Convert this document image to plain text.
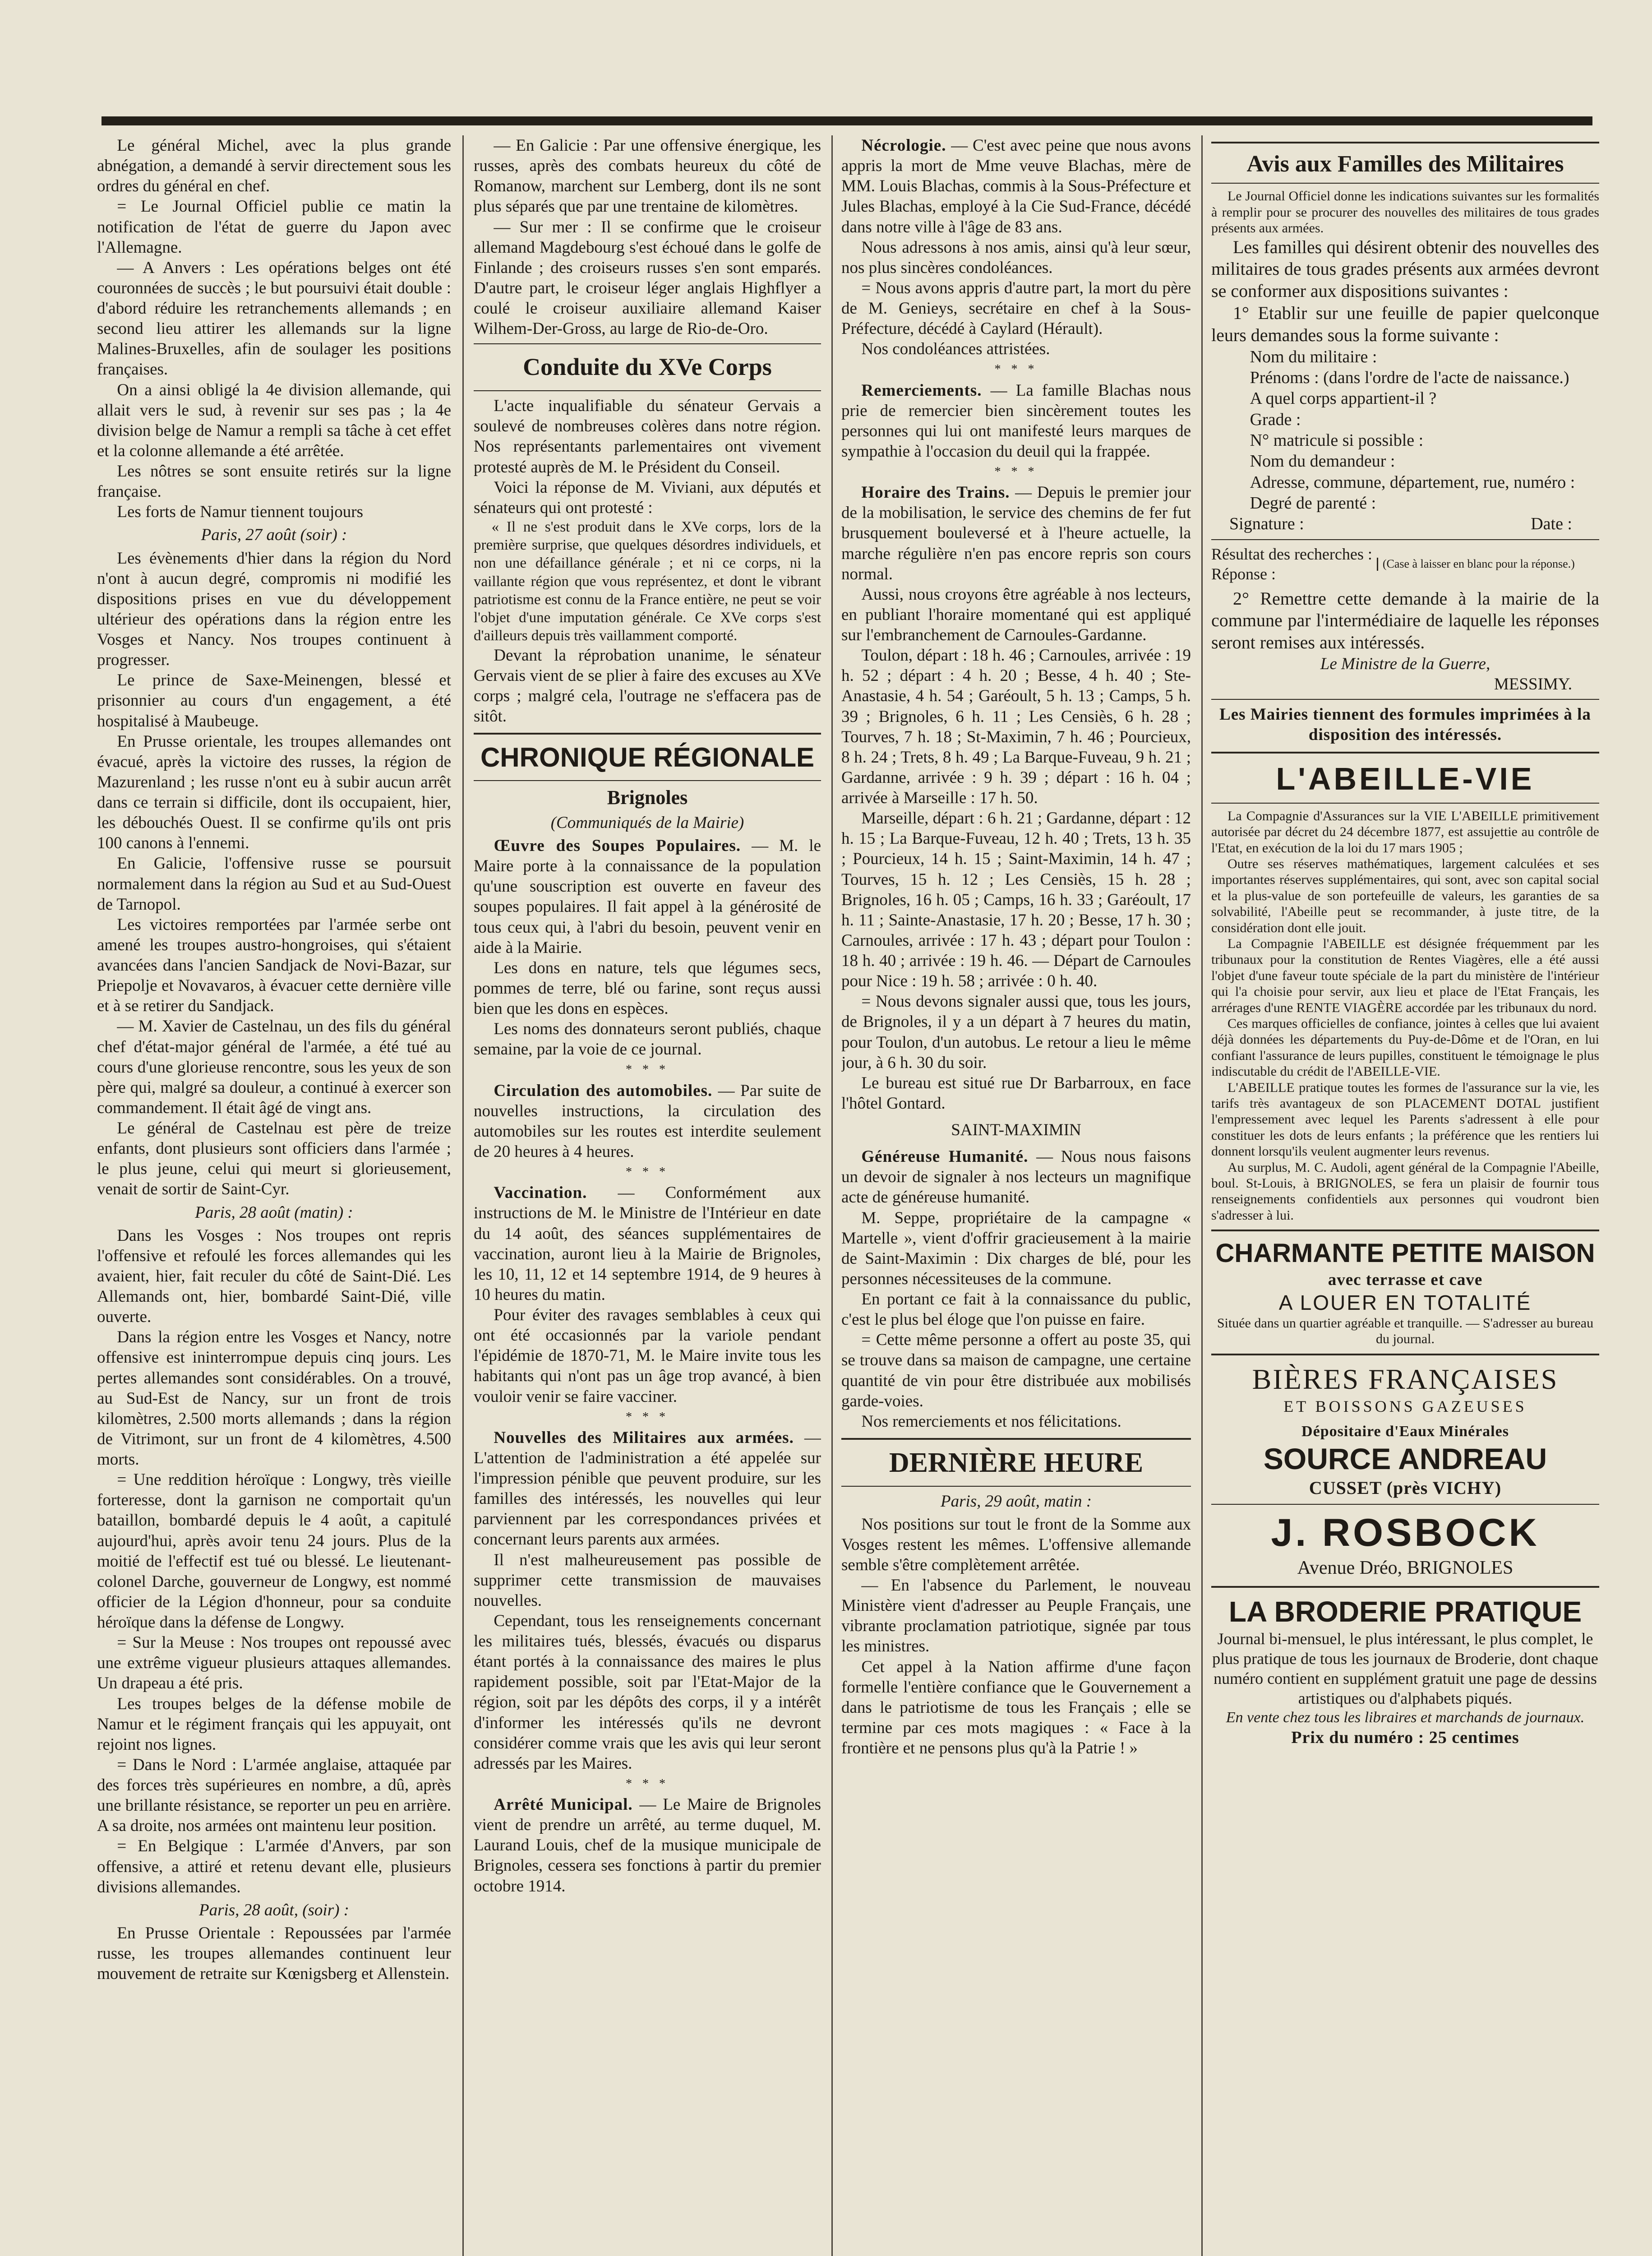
Le général Michel, avec la plus grande abnégation, a demandé à servir directement sous les ordres du général en chef.

= Le Journal Officiel publie ce matin la notification de l'état de guerre du Japon avec l'Allemagne.

— A Anvers : Les opérations belges ont été couronnées de succès ; le but poursuivi était double : d'abord réduire les retranchements allemands ; en second lieu attirer les allemands sur la ligne Malines-Bruxelles, afin de soulager les positions françaises.

On a ainsi obligé la 4e division allemande, qui allait vers le sud, à revenir sur ses pas ; la 4e division belge de Namur a rempli sa tâche à cet effet et la colonne allemande a été arrêtée.

Les nôtres se sont ensuite retirés sur la ligne française.

Les forts de Namur tiennent toujours

Paris, 27 août (soir) :

Les évènements d'hier dans la région du Nord n'ont à aucun degré, compromis ni modifié les dispositions prises en vue du développement ultérieur des opérations dans la région entre les Vosges et Nancy. Nos troupes continuent à progresser.

Le prince de Saxe-Meinengen, blessé et prisonnier au cours d'un engagement, a été hospitalisé à Maubeuge.

En Prusse orientale, les troupes allemandes ont évacué, après la victoire des russes, la région de Mazurenland ; les russe n'ont eu à subir aucun arrêt dans ce terrain si difficile, dont ils occupaient, hier, les débouchés Ouest. Il se confirme qu'ils ont pris 100 canons à l'ennemi.

En Galicie, l'offensive russe se poursuit normalement dans la région au Sud et au Sud-Ouest de Tarnopol.

Les victoires remportées par l'armée serbe ont amené les troupes austro-hongroises, qui s'étaient avancées dans l'ancien Sandjack de Novi-Bazar, sur Priepolje et Novavaros, à évacuer cette dernière ville et à se retirer du Sandjack.

— M. Xavier de Castelnau, un des fils du général chef d'état-major général de l'armée, a été tué au cours d'une glorieuse rencontre, sous les yeux de son père qui, malgré sa douleur, a continué à exercer son commandement. Il était âgé de vingt ans.

Le général de Castelnau est père de treize enfants, dont plusieurs sont officiers dans l'armée ; le plus jeune, celui qui meurt si glorieusement, venait de sortir de Saint-Cyr.

Paris, 28 août (matin) :

Dans les Vosges : Nos troupes ont repris l'offensive et refoulé les forces allemandes qui les avaient, hier, fait reculer du côté de Saint-Dié. Les Allemands ont, hier, bombardé Saint-Dié, ville ouverte.

Dans la région entre les Vosges et Nancy, notre offensive est ininterrompue depuis cinq jours. Les pertes allemandes sont considérables. On a trouvé, au Sud-Est de Nancy, sur un front de trois kilomètres, 2.500 morts allemands ; dans la région de Vitrimont, sur un front de 4 kilomètres, 4.500 morts.

= Une reddition héroïque : Longwy, très vieille forteresse, dont la garnison ne comportait qu'un bataillon, bombardé depuis le 4 août, a capitulé aujourd'hui, après avoir tenu 24 jours. Plus de la moitié de l'effectif est tué ou blessé. Le lieutenant-colonel Darche, gouverneur de Longwy, est nommé officier de la Légion d'honneur, pour sa conduite héroïque dans la défense de Longwy.

= Sur la Meuse : Nos troupes ont repoussé avec une extrême vigueur plusieurs attaques allemandes. Un drapeau a été pris.

Les troupes belges de la défense mobile de Namur et le régiment français qui les appuyait, ont rejoint nos lignes.

= Dans le Nord : L'armée anglaise, attaquée par des forces très supérieures en nombre, a dû, après une brillante résistance, se reporter un peu en arrière. A sa droite, nos armées ont maintenu leur position.

= En Belgique : L'armée d'Anvers, par son offensive, a attiré et retenu devant elle, plusieurs divisions allemandes.

Paris, 28 août, (soir) :

En Prusse Orientale : Repoussées par l'armée russe, les troupes allemandes continuent leur mouvement de retraite sur Kœnigsberg et Allenstein.

— En Galicie : Par une offensive énergique, les russes, après des combats heureux du côté de Romanow, marchent sur Lemberg, dont ils ne sont plus séparés que par une trentaine de kilomètres.

— Sur mer : Il se confirme que le croiseur allemand Magdebourg s'est échoué dans le golfe de Finlande ; des croiseurs russes s'en sont emparés. D'autre part, le croiseur léger anglais Highflyer a coulé le croiseur auxiliaire allemand Kaiser Wilhem-Der-Gross, au large de Rio-de-Oro.

Conduite du XVe Corps

L'acte inqualifiable du sénateur Gervais a soulevé de nombreuses colères dans notre région. Nos représentants parlementaires ont vivement protesté auprès de M. le Président du Conseil.

Voici la réponse de M. Viviani, aux députés et sénateurs qui ont protesté :

« Il ne s'est produit dans le XVe corps, lors de la première surprise, que quelques désordres individuels, et non une défaillance générale ; et ni ce corps, ni la vaillante région que vous représentez, et dont le vibrant patriotisme est connu de la France entière, ne peut se voir l'objet d'une imputation générale. Ce XVe corps s'est d'ailleurs depuis très vaillamment comporté.

Devant la réprobation unanime, le sénateur Gervais vient de se plier à faire des excuses au XVe corps ; malgré cela, l'outrage ne s'effacera pas de sitôt.

CHRONIQUE RÉGIONALE
Brignoles
(Communiqués de la Mairie)

Œuvre des Soupes Populaires. — M. le Maire porte à la connaissance de la population qu'une souscription est ouverte en faveur des soupes populaires. Il fait appel à la générosité de tous ceux qui, à l'abri du besoin, peuvent venir en aide à la Mairie.

Les dons en nature, tels que légumes secs, pommes de terre, blé ou farine, sont reçus aussi bien que les dons en espèces.

Les noms des donnateurs seront publiés, chaque semaine, par la voie de ce journal.

* * *

Circulation des automobiles. — Par suite de nouvelles instructions, la circulation des automobiles sur les routes est interdite seulement de 20 heures à 4 heures.

* * *

Vaccination. — Conformément aux instructions de M. le Ministre de l'Intérieur en date du 14 août, des séances supplémentaires de vaccination, auront lieu à la Mairie de Brignoles, les 10, 11, 12 et 14 septembre 1914, de 9 heures à 10 heures du matin.

Pour éviter des ravages semblables à ceux qui ont été occasionnés par la variole pendant l'épidémie de 1870-71, M. le Maire invite tous les habitants qui n'ont pas un âge trop avancé, à bien vouloir venir se faire vacciner.

* * *

Nouvelles des Militaires aux armées. — L'attention de l'administration a été appelée sur l'impression pénible que peuvent produire, sur les familles des intéressés, les nouvelles qui leur parviennent par les correspondances privées et concernant leurs parents aux armées.

Il n'est malheureusement pas possible de supprimer cette transmission de mauvaises nouvelles.

Cependant, tous les renseignements concernant les militaires tués, blessés, évacués ou disparus étant portés à la connaissance des maires le plus rapidement possible, soit par l'Etat-Major de la région, soit par les dépôts des corps, il y a intérêt d'informer les intéressés qu'ils ne devront considérer comme vrais que les avis qui leur seront adressés par les Maires.

* * *

Arrêté Municipal. — Le Maire de Brignoles vient de prendre un arrêté, au terme duquel, M. Laurand Louis, chef de la musique municipale de Brignoles, cessera ses fonctions à partir du premier octobre 1914.

Nécrologie. — C'est avec peine que nous avons appris la mort de Mme veuve Blachas, mère de MM. Louis Blachas, commis à la Sous-Préfecture et Jules Blachas, employé à la Cie Sud-France, décédé dans notre ville à l'âge de 83 ans.

Nous adressons à nos amis, ainsi qu'à leur sœur, nos plus sincères condoléances.

= Nous avons appris d'autre part, la mort du père de M. Genieys, secrétaire en chef à la Sous-Préfecture, décédé à Caylard (Hérault).

Nos condoléances attristées.

* * *

Remerciements. — La famille Blachas nous prie de remercier bien sincèrement toutes les personnes qui lui ont manifesté leurs marques de sympathie à l'occasion du deuil qui la frappée.

* * *

Horaire des Trains. — Depuis le premier jour de la mobilisation, le service des chemins de fer fut brusquement bouleversé et à l'heure actuelle, la marche régulière n'en pas encore repris son cours normal.

Aussi, nous croyons être agréable à nos lecteurs, en publiant l'horaire momentané qui est appliqué sur l'embranchement de Carnoules-Gardanne.

Toulon, départ : 18 h. 46 ; Carnoules, arrivée : 19 h. 52 ; départ : 4 h. 20 ; Besse, 4 h. 40 ; Ste-Anastasie, 4 h. 54 ; Garéoult, 5 h. 13 ; Camps, 5 h. 39 ; Brignoles, 6 h. 11 ; Les Censiès, 6 h. 28 ; Tourves, 7 h. 18 ; St-Maximin, 7 h. 46 ; Pourcieux, 8 h. 24 ; Trets, 8 h. 49 ; La Barque-Fuveau, 9 h. 21 ; Gardanne, arrivée : 9 h. 39 ; départ : 16 h. 04 ; arrivée à Marseille : 17 h. 50.

Marseille, départ : 6 h. 21 ; Gardanne, départ : 12 h. 15 ; La Barque-Fuveau, 12 h. 40 ; Trets, 13 h. 35 ; Pourcieux, 14 h. 15 ; Saint-Maximin, 14 h. 47 ; Tourves, 15 h. 12 ; Les Censiès, 15 h. 28 ; Brignoles, 16 h. 05 ; Camps, 16 h. 33 ; Garéoult, 17 h. 11 ; Sainte-Anastasie, 17 h. 20 ; Besse, 17 h. 30 ; Carnoules, arrivée : 17 h. 43 ; départ pour Toulon : 18 h. 40 ; arrivée : 19 h. 46. — Départ de Carnoules pour Nice : 19 h. 58 ; arrivée : 0 h. 40.

= Nous devons signaler aussi que, tous les jours, de Brignoles, il y a un départ à 7 heures du matin, pour Toulon, d'un autobus. Le retour a lieu le même jour, à 6 h. 30 du soir.

Le bureau est situé rue Dr Barbarroux, en face l'hôtel Gontard.

SAINT-MAXIMIN

Généreuse Humanité. — Nous nous faisons un devoir de signaler à nos lecteurs un magnifique acte de généreuse humanité.

M. Seppe, propriétaire de la campagne « Martelle », vient d'offrir gracieusement à la mairie de Saint-Maximin : Dix charges de blé, pour les personnes nécessiteuses de la commune.

En portant ce fait à la connaissance du public, c'est le plus bel éloge que l'on puisse en faire.

= Cette même personne a offert au poste 35, qui se trouve dans sa maison de campagne, une certaine quantité de vin pour être distribuée aux mobilisés garde-voies.

Nos remerciements et nos félicitations.

DERNIÈRE HEURE
Paris, 29 août, matin :

Nos positions sur tout le front de la Somme aux Vosges restent les mêmes. L'offensive allemande semble s'être complètement arrêtée.

— En l'absence du Parlement, le nouveau Ministère vient d'adresser au Peuple Français, une vibrante proclamation patriotique, signée par tous les ministres.

Cet appel à la Nation affirme d'une façon formelle l'entière confiance que le Gouvernement a dans le patriotisme de tous les Français ; elle se termine par ces mots magiques : « Face à la frontière et ne pensons plus qu'à la Patrie ! »

Avis aux Familles des Militaires

Le Journal Officiel donne les indications suivantes sur les formalités à remplir pour se procurer des nouvelles des militaires de tous grades présents aux armées.

Les familles qui désirent obtenir des nouvelles des militaires de tous grades présents aux armées devront se conformer aux dispositions suivantes :

1° Etablir sur une feuille de papier quelconque leurs demandes sous la forme suivante :

Nom du militaire :

Prénoms : (dans l'ordre de l'acte de naissance.)

A quel corps appartient-il ?

Grade :

N° matricule si possible :

Nom du demandeur :

Adresse, commune, département, rue, numéro :

Degré de parenté :

Signature :	Date :
Résultat des recherches :
Réponse :
(Case à laisser en blanc pour la réponse.)

2° Remettre cette demande à la mairie de la commune par l'intermédiaire de laquelle les réponses seront remises aux intéressés.

Le Ministre de la Guerre,
MESSIMY.
Les Mairies tiennent des formules imprimées à la disposition des intéressés.
L'ABEILLE-VIE

La Compagnie d'Assurances sur la VIE L'ABEILLE primitivement autorisée par décret du 24 décembre 1877, est assujettie au contrôle de l'Etat, en exécution de la loi du 17 mars 1905 ;

Outre ses réserves mathématiques, largement calculées et ses importantes réserves supplémentaires, qui sont, avec son capital social et la plus-value de son portefeuille de valeurs, les garanties de sa solvabilité, l'Abeille peut se recommander, à juste titre, de la considération dont elle jouit.

La Compagnie l'ABEILLE est désignée fréquemment par les tribunaux pour la constitution de Rentes Viagères, elle a été aussi l'objet d'une faveur toute spéciale de la part du ministère de l'intérieur qui l'a choisie pour servir, aux lieu et place de l'Etat Français, les arrérages d'une RENTE VIAGÈRE accordée par les tribunaux du nord.

Ces marques officielles de confiance, jointes à celles que lui avaient déjà données les départements du Puy-de-Dôme et de l'Oran, en lui confiant l'assurance de leurs pupilles, constituent le témoignage le plus indiscutable du crédit de l'ABEILLE-VIE.

L'ABEILLE pratique toutes les formes de l'assurance sur la vie, les tarifs très avantageux de son PLACEMENT DOTAL justifient l'empressement avec lequel les Parents s'adressent à elle pour constituer les dots de leurs enfants ; la préférence que les rentiers lui donnent lorsqu'ils veulent augmenter leurs revenus.

Au surplus, M. C. Audoli, agent général de la Compagnie l'Abeille, boul. St-Louis, à BRIGNOLES, se fera un plaisir de fournir tous renseignements confidentiels aux personnes qui voudront bien s'adresser à lui.

CHARMANTE PETITE MAISON
avec terrasse et cave
A LOUER EN TOTALITÉ

Située dans un quartier agréable et tranquille. — S'adresser au bureau du journal.

BIÈRES FRANÇAISES
ET BOISSONS GAZEUSES
Dépositaire d'Eaux Minérales
SOURCE ANDREAU
CUSSET (près VICHY)
J. ROSBOCK
Avenue Dréo, BRIGNOLES
LA BRODERIE PRATIQUE

Journal bi-mensuel, le plus intéressant, le plus complet, le plus pratique de tous les journaux de Broderie, dont chaque numéro contient en supplément gratuit une page de dessins artistiques ou d'alphabets piqués.

En vente chez tous les libraires et marchands de journaux.
Prix du numéro : 25 centimes
